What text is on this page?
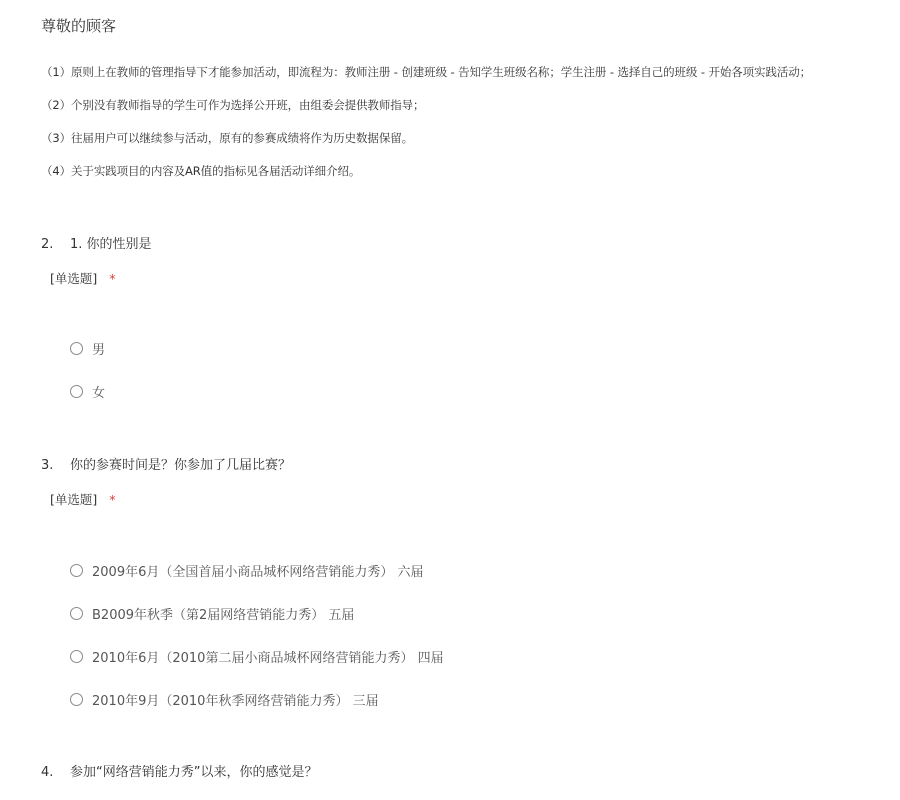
尊敬的顾客
（1）原则上在教师的管理指导下才能参加活动，即流程为：教师注册 - 创建班级 - 告知学生班级名称；学生注册 - 选择自己的班级 - 开始各项实践活动；
（2）个别没有教师指导的学生可作为选择公开班，由组委会提供教师指导；
（3）往届用户可以继续参与活动，原有的参赛成绩将作为历史数据保留。
（4）关于实践项目的内容及AR值的指标见各届活动详细介绍。
2. 1. 你的性别是
[单选题] *
男
女
3. 你的参赛时间是？你参加了几届比赛？
[单选题] *
2009年6月（全国首届小商品城杯网络营销能力秀） 六届
B2009年秋季（第2届网络营销能力秀） 五届
2010年6月（2010第二届小商品城杯网络营销能力秀） 四届
2010年9月（2010年秋季网络营销能力秀） 三届
4. 参加“网络营销能力秀”以来，你的感觉是？
